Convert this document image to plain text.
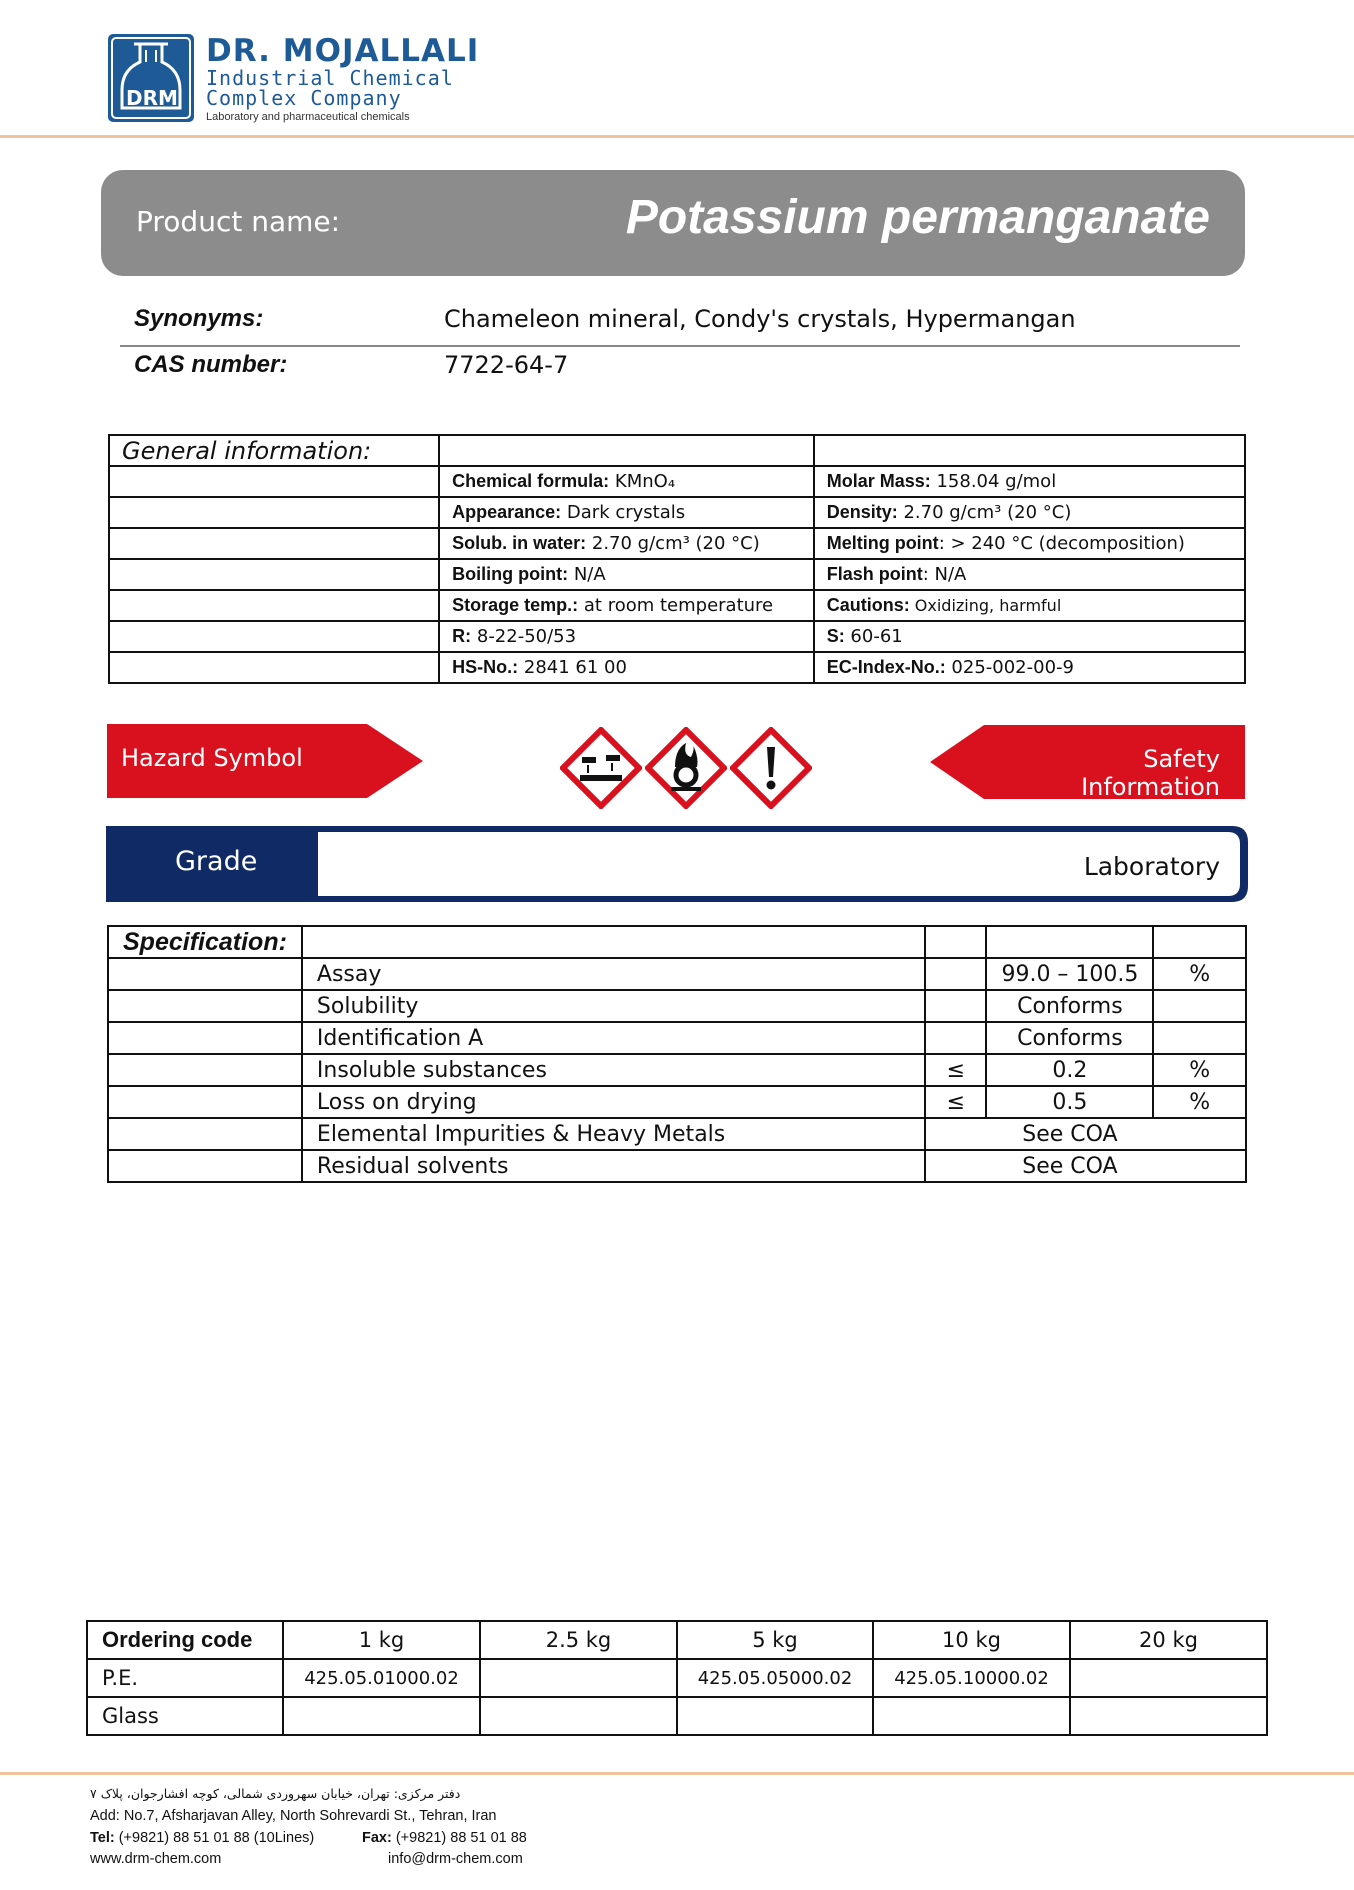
DRM
DR. MOJALLALI
Industrial Chemical
Complex Company
Laboratory and pharmaceutical chemicals
Product name:	Potassium permanganate
Synonyms:	Chameleon mineral, Condy's crystals, Hypermangan
CAS number:	7722-64-7
General information:		
	Chemical formula: KMnO₄	Molar Mass: 158.04 g/mol
	Appearance: Dark crystals	Density: 2.70 g/cm³ (20 °C)
	Solub. in water: 2.70 g/cm³ (20 °C)	Melting point: > 240 °C (decomposition)
	Boiling point: N/A	Flash point: N/A
	Storage temp.: at room temperature	Cautions: Oxidizing, harmful
	R: 8-22-50/53	S: 60-61
	HS-No.: 2841 61 00	EC-Index-No.: 025-002-00-9
Hazard Symbol	Safety Information
Grade	Laboratory
Specification:				
	Assay		99.0 – 100.5	%
	Solubility		Conforms	
	Identification A		Conforms	
	Insoluble substances	≤	0.2	%
	Loss on drying	≤	0.5	%
	Elemental Impurities & Heavy Metals		See COA	
	Residual solvents		See COA	
Ordering code	1 kg	2.5 kg	5 kg	10 kg	20 kg
P.E.	425.05.01000.02		425.05.05000.02	425.05.10000.02	
Glass					
دفتر مرکزی: تهران، خیابان سهروردی شمالی، کوچه افشارجوان، پلاک ۷
Add: No.7, Afsharjavan Alley, North Sohrevardi St., Tehran, Iran
Tel: (+9821) 88 51 01 88 (10Lines)	Fax: (+9821) 88 51 01 88
www.drm-chem.com	info@drm-chem.com
